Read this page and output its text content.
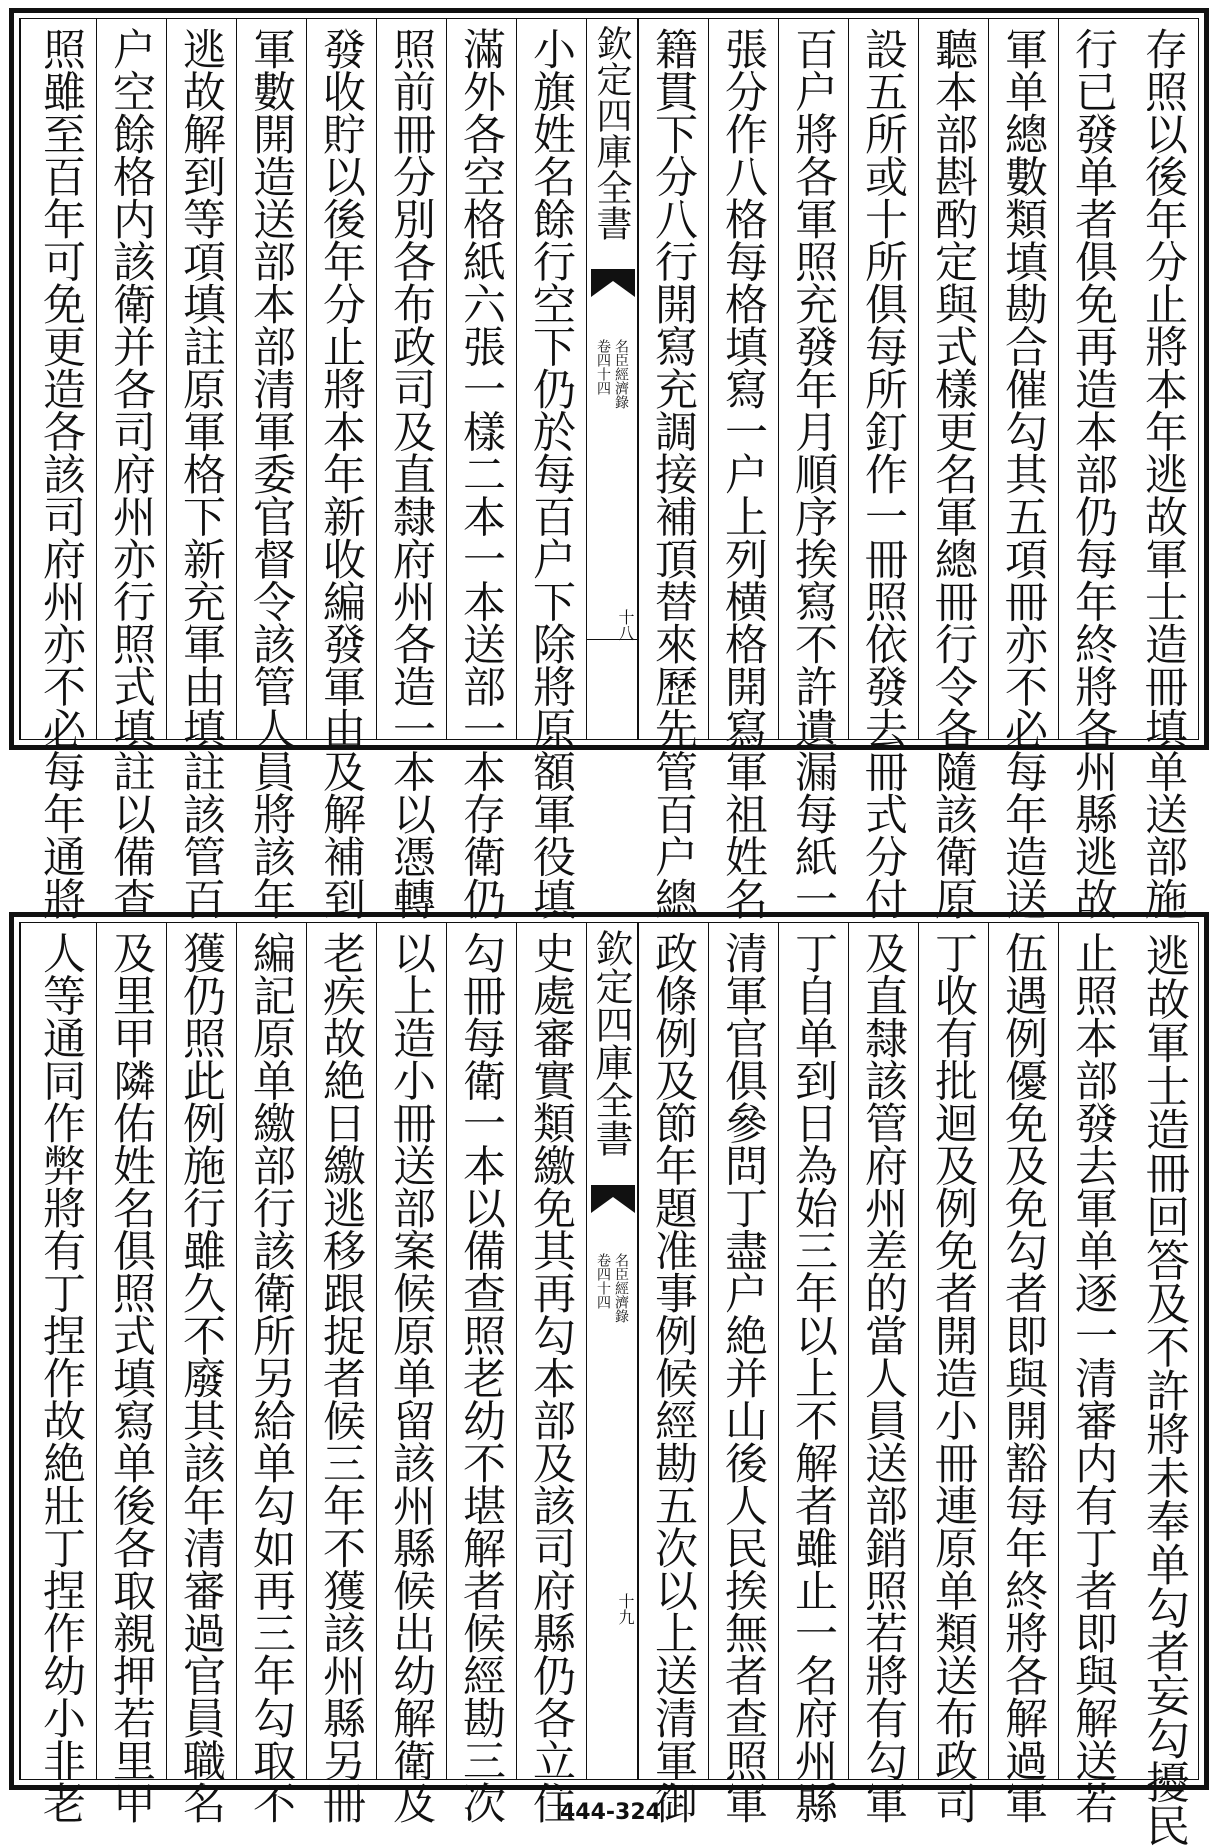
存照以後年分止將本年逃故軍士造冊填单送部施
行已發单者俱免再造本部仍每年終將各州縣逃故
軍单總數類填勘合催勾其五項冊亦不必每年造送
聽本部斟酌定與式樣更名軍總冊行令各隨該衛原
設五所或十所俱每所釘作一冊照依發去冊式分付
百户將各軍照充發年月順序挨寫不許遺漏每紙一
張分作八格每格填寫一户上列横格開寫軍祖姓名
籍貫下分八行開寫充調接補頂替來歷先管百户總
欽定四庫全書
名臣經濟錄
卷四十四
十八
小旗姓名餘行空下仍於每百户下除將原額軍役填
滿外各空格紙六張一樣二本一本送部一本存衛仍
照前冊分別各布政司及直隸府州各造一本以憑轉
發收貯以後年分止將本年新收編發軍由及解補到
軍數開造送部本部清軍委官督令該管人員將該年
逃故解到等項填註原軍格下新充軍由填註該管百
户空餘格内該衛并各司府州亦行照式填註以備查
照雖至百年可免更造各該司府州亦不必每年通將
逃故軍士造冊回答及不許將未奉单勾者妄勾擾民
止照本部發去軍单逐一清審内有丁者即與解送若
伍遇例優免及免勾者即與開豁每年終將各解過軍
丁收有批迴及例免者開造小冊連原单類送布政司
及直隸該管府州差的當人員送部銷照若將有勾軍
丁自单到日為始三年以上不解者雖止一名府州縣
清軍官俱參問丁盡户絶并山後人民挨無者查照軍
政條例及節年題准事例候經勘五次以上送清軍御
欽定四庫全書
名臣經濟錄
卷四十四
十九
史處審實類繳免其再勾本部及該司府縣仍各立住
勾冊每衛一本以備查照老幼不堪解者候經勘三次
以上造小冊送部案候原单留該州縣候出幼解衛及
老疾故絶日繳逃移跟捉者候三年不獲該州縣另冊
編記原单繳部行該衛所另給单勾如再三年勾取不
獲仍照此例施行雖久不廢其該年清審過官員職名
及里甲隣佑姓名俱照式填寫单後各取親押若里甲
人等通同作弊將有丁捏作故絶壯丁捏作幼小非老	444-324
